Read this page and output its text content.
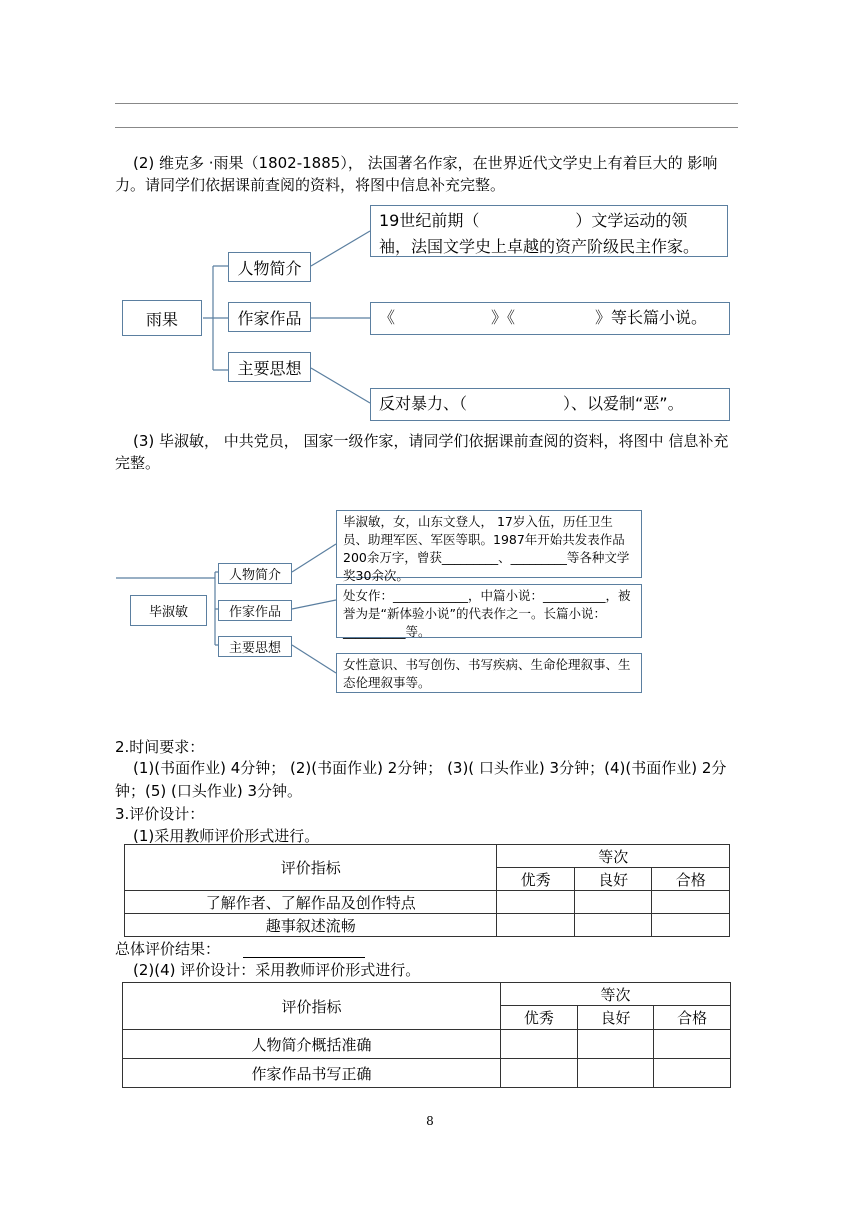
(2) 维克多 ·雨果（1802-1885）， 法国著名作家，在世界近代文学史上有着巨大的 影响力。请同学们依据课前查阅的资料，将图中信息补充完整。
雨果
人物简介
作家作品
主要思想
19世纪前期（　　　　　　）文学运动的领袖，法国文学史上卓越的资产阶级民主作家。
《　　　　　　》《　　　　　》等长篇小说。
反对暴力、（　　　　　　）、以爱制“恶”。
(3) 毕淑敏， 中共党员， 国家一级作家，请同学们依据课前查阅的资料，将图中 信息补充完整。
毕淑敏
人物简介
作家作品
主要思想
毕淑敏，女，山东文登人， 17岁入伍，历任卫生员、助理军医、军医等职。1987年开始共发表作品200余万字，曾获_________、_________等各种文学奖30余次。
处女作：____________，中篇小说：__________，被誉为是“新体验小说”的代表作之一。长篇小说：__________等。
女性意识、书写创伤、书写疾病、生命伦理叙事、生态伦理叙事等。
2.时间要求：
(1)(书面作业) 4分钟； (2)(书面作业) 2分钟； (3)( 口头作业) 3分钟；(4)(书面作业) 2分钟；(5) (口头作业) 3分钟。
3.评价设计：
(1)采用教师评价形式进行。
评价指标	等次		
	优秀	良好	合格
了解作者、了解作品及创作特点			
趣事叙述流畅			
总体评价结果：
(2)(4) 评价设计：采用教师评价形式进行。
评价指标	等次		
	优秀	良好	合格
人物简介概括准确			
作家作品书写正确			
8
